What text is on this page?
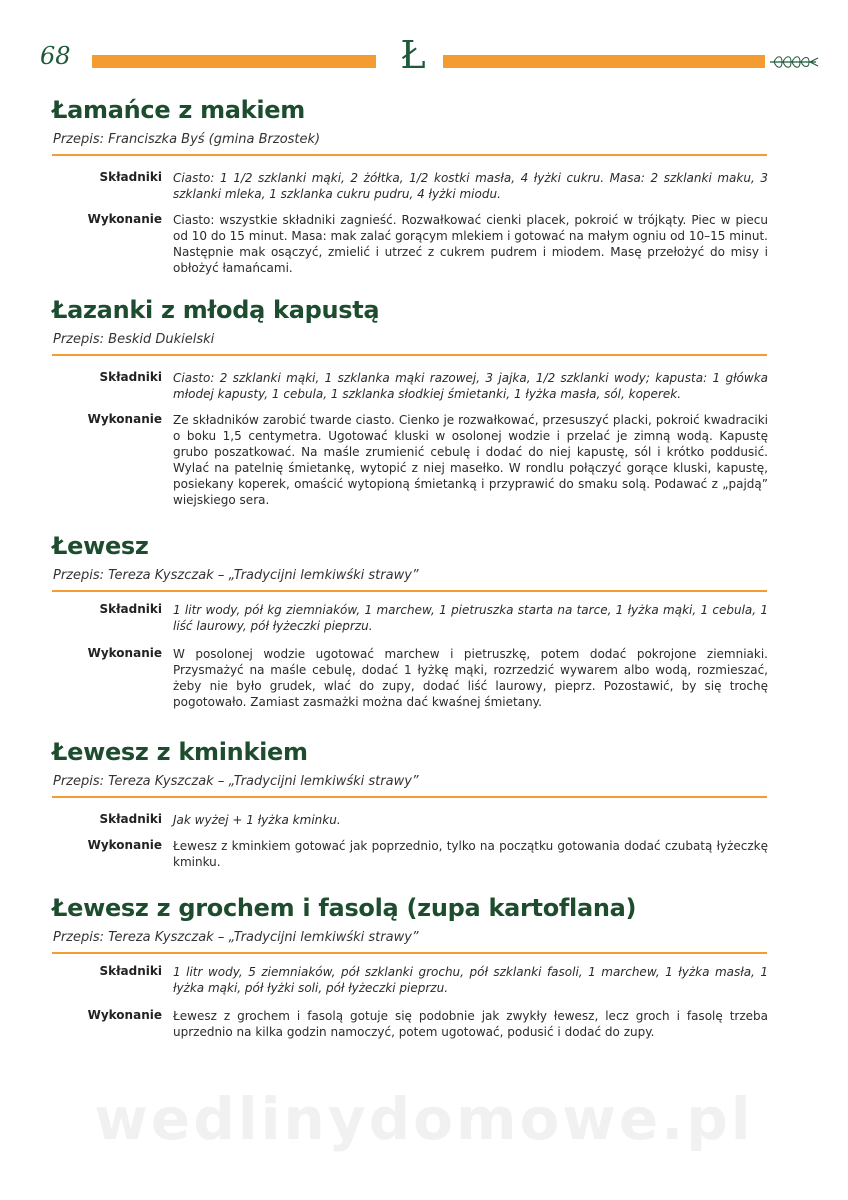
68	Ł
Łamańce z makiem
Przepis: Franciszka Byś (gmina Brzostek)
Składniki Ciasto: 1 1/2 szklanki mąki, 2 żółtka, 1/2 kostki masła, 4 łyżki cukru. Masa: 2 szklanki maku, 3 szklanki mleka, 1 szklanka cukru pudru, 4 łyżki miodu.
Wykonanie Ciasto: wszystkie składniki zagnieść. Rozwałkować cienki placek, pokroić w trójkąty. Piec w piecu od 10 do 15 minut. Masa: mak zalać gorącym mlekiem i gotować na małym ogniu od 10–15 minut. Następnie mak osączyć, zmielić i utrzeć z cukrem pudrem i miodem. Masę przełożyć do misy i obłożyć łamańcami.
Łazanki z młodą kapustą
Przepis: Beskid Dukielski
Składniki Ciasto: 2 szklanki mąki, 1 szklanka mąki razowej, 3 jajka, 1/2 szklanki wody; kapusta: 1 główka młodej kapusty, 1 cebula, 1 szklanka słodkiej śmietanki, 1 łyżka masła, sól, koperek.
Wykonanie Ze składników zarobić twarde ciasto. Cienko je rozwałkować, przesuszyć placki, pokroić kwadraciki o boku 1,5 centymetra. Ugotować kluski w osolonej wodzie i przelać je zimną wodą. Kapustę grubo poszatkować. Na maśle zrumienić cebulę i dodać do niej kapustę, sól i krótko poddusić. Wylać na patelnię śmietankę, wytopić z niej masełko. W rondlu połączyć gorące kluski, kapustę, posiekany koperek, omaścić wytopioną śmietanką i przyprawić do smaku solą. Podawać z „pajdą” wiejskiego sera.
Łewesz
Przepis: Tereza Kyszczak – „Tradycijni lemkiwśki strawy”
Składniki 1 litr wody, pół kg ziemniaków, 1 marchew, 1 pietruszka starta na tarce, 1 łyżka mąki, 1 cebula, 1 liść laurowy, pół łyżeczki pieprzu.
Wykonanie W posolonej wodzie ugotować marchew i pietruszkę, potem dodać pokrojone ziemniaki. Przysmażyć na maśle cebulę, dodać 1 łyżkę mąki, rozrzedzić wywarem albo wodą, rozmieszać, żeby nie było grudek, wlać do zupy, dodać liść laurowy, pieprz. Pozostawić, by się trochę pogotowało. Zamiast zasmażki można dać kwaśnej śmietany.
Łewesz z kminkiem
Przepis: Tereza Kyszczak – „Tradycijni lemkiwśki strawy”
Składniki Jak wyżej + 1 łyżka kminku.
Wykonanie Łewesz z kminkiem gotować jak poprzednio, tylko na początku gotowania dodać czubatą łyżeczkę kminku.
Łewesz z grochem i fasolą (zupa kartoflana)
Przepis: Tereza Kyszczak – „Tradycijni lemkiwśki strawy”
Składniki 1 litr wody, 5 ziemniaków, pół szklanki grochu, pół szklanki fasoli, 1 marchew, 1 łyżka masła, 1 łyżka mąki, pół łyżki soli, pół łyżeczki pieprzu.
Wykonanie Łewesz z grochem i fasolą gotuje się podobnie jak zwykły łewesz, lecz groch i fasolę trzeba uprzednio na kilka godzin namoczyć, potem ugotować, podusić i dodać do zupy.
wedlinydomowe.pl
